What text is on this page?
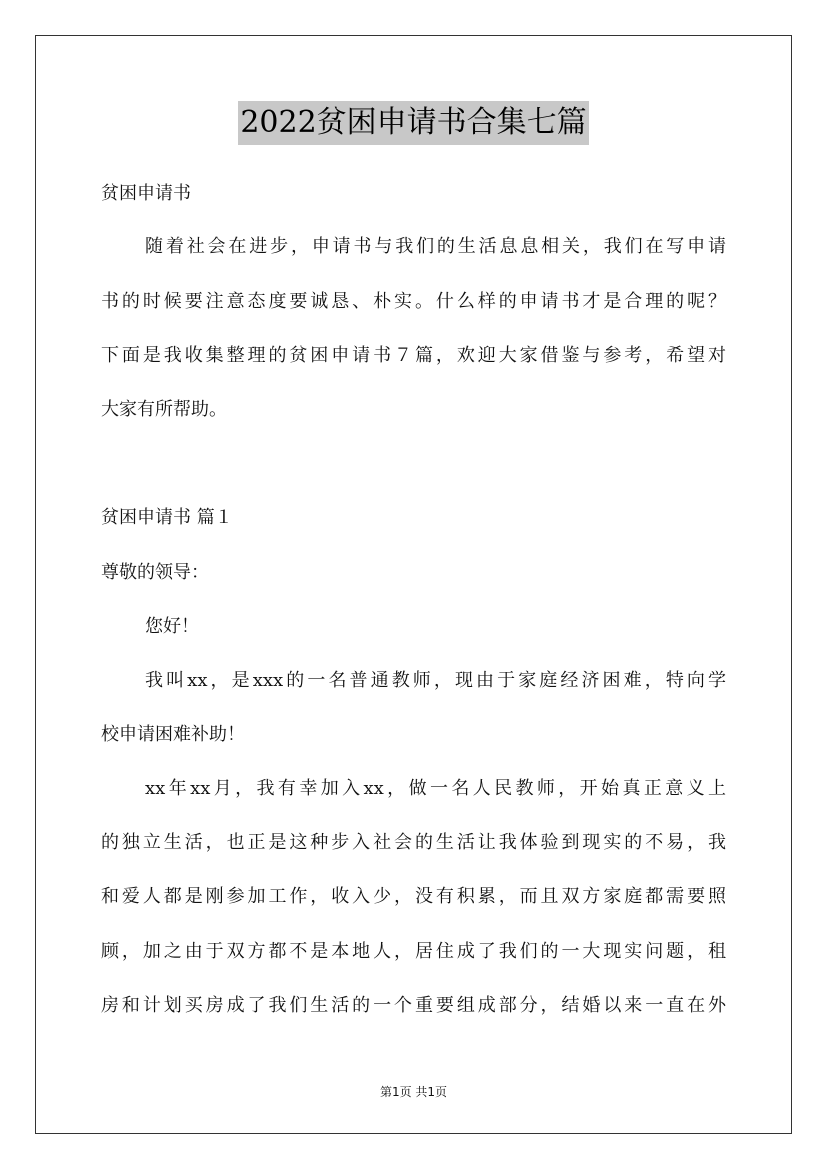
2022贫困申请书合集七篇
贫困申请书
随着社会在进步，申请书与我们的生活息息相关，我们在写申请
书的时候要注意态度要诚恳、朴实。什么样的申请书才是合理的呢？
下面是我收集整理的贫困申请书７篇，欢迎大家借鉴与参考，希望对
大家有所帮助。
贫困申请书 篇１
尊敬的领导：
您好！
我叫xx，是xxx的一名普通教师，现由于家庭经济困难，特向学
校申请困难补助！
xx年xx月，我有幸加入xx，做一名人民教师，开始真正意义上
的独立生活，也正是这种步入社会的生活让我体验到现实的不易，我
和爱人都是刚参加工作，收入少，没有积累，而且双方家庭都需要照
顾，加之由于双方都不是本地人，居住成了我们的一大现实问题，租
房和计划买房成了我们生活的一个重要组成部分，结婚以来一直在外
第1页 共1页
